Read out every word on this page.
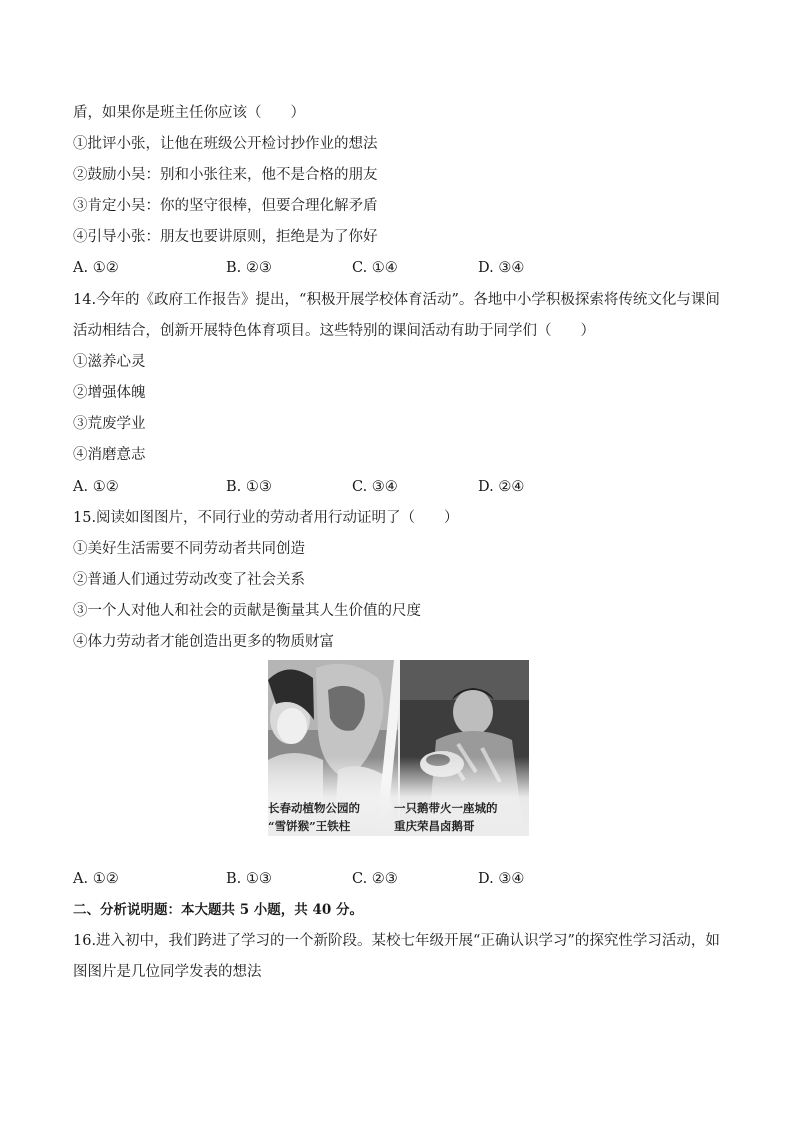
盾，如果你是班主任你应该（　　）

①批评小张，让他在班级公开检讨抄作业的想法

②鼓励小吴：别和小张往来，他不是合格的朋友

③肯定小吴：你的坚守很棒，但要合理化解矛盾

④引导小张：朋友也要讲原则，拒绝是为了你好

A. ①②	B. ②③	C. ①④	D. ③④

14.今年的《政府工作报告》提出，“积极开展学校体育活动”。各地中小学积极探索将传统文化与课间

活动相结合，创新开展特色体育项目。这些特别的课间活动有助于同学们（　　）

①滋养心灵

②增强体魄

③荒废学业

④消磨意志

A. ①②	B. ①③	C. ③④	D. ②④

15.阅读如图图片，不同行业的劳动者用行动证明了（　　）

①美好生活需要不同劳动者共同创造

②普通人们通过劳动改变了社会关系

③一个人对他人和社会的贡献是衡量其人生价值的尺度

④体力劳动者才能创造出更多的物质财富

长春动植物公园的
“雪饼猴”王铁柱
一只鹅带火一座城的
重庆荣昌卤鹅哥
A. ①②	B. ①③	C. ②③	D. ③④

二、分析说明题：本大题共 5 小题，共 40 分。

16.进入初中，我们跨进了学习的一个新阶段。某校七年级开展“正确认识学习”的探究性学习活动，如

图图片是几位同学发表的想法
